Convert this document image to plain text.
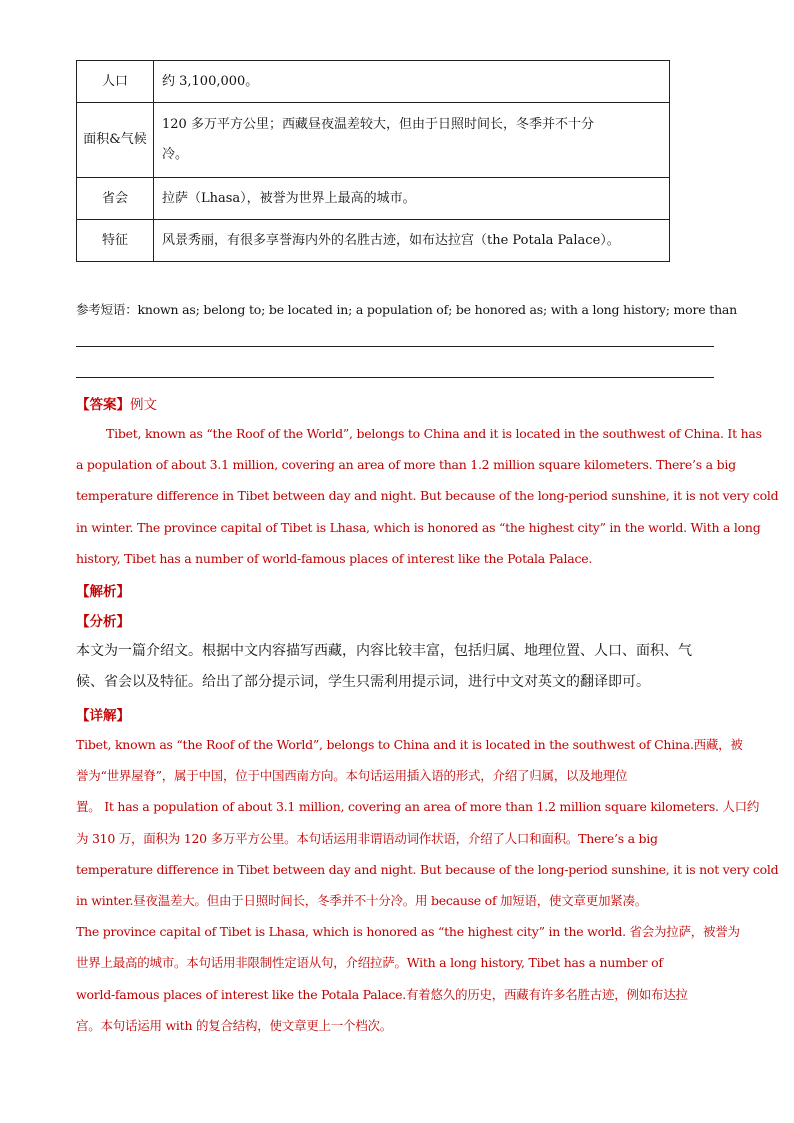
人口	约 3,100,000。
面积&气候	120 多万平方公里；西藏昼夜温差较大，但由于日照时间长，冬季并不十分
冷。
省会	拉萨（Lhasa），被誉为世界上最高的城市。
特征	风景秀丽，有很多享誉海内外的名胜古迹，如布达拉宫（the Potala Palace）。
参考短语：known as; belong to; be located in; a population of; be honored as; with a long history; more than
【答案】例文
Tibet, known as “the Roof of the World”, belongs to China and it is located in the southwest of China. It has
a population of about 3.1 million, covering an area of more than 1.2 million square kilometers. There’s a big
temperature difference in Tibet between day and night. But because of the long-period sunshine, it is not very cold
in winter. The province capital of Tibet is Lhasa, which is honored as “the highest city” in the world. With a long
history, Tibet has a number of world-famous places of interest like the Potala Palace.
【解析】
【分析】
本文为一篇介绍文。根据中文内容描写西藏，内容比较丰富，包括归属、地理位置、人口、面积、气
候、省会以及特征。给出了部分提示词，学生只需利用提示词，进行中文对英文的翻译即可。
【详解】
Tibet, known as “the Roof of the World”, belongs to China and it is located in the southwest of China.西藏，被
誉为“世界屋脊”，属于中国，位于中国西南方向。本句话运用插入语的形式，介绍了归属，以及地理位
置。 It has a population of about 3.1 million, covering an area of more than 1.2 million square kilometers. 人口约
为 310 万，面积为 120 多万平方公里。本句话运用非谓语动词作状语，介绍了人口和面积。There’s a big
temperature difference in Tibet between day and night. But because of the long-period sunshine, it is not very cold
in winter.昼夜温差大。但由于日照时间长，冬季并不十分冷。用 because of 加短语，使文章更加紧凑。
The province capital of Tibet is Lhasa, which is honored as “the highest city” in the world. 省会为拉萨，被誉为
世界上最高的城市。本句话用非限制性定语从句，介绍拉萨。With a long history, Tibet has a number of
world-famous places of interest like the Potala Palace.有着悠久的历史，西藏有许多名胜古迹，例如布达拉
宫。本句话运用 with 的复合结构，使文章更上一个档次。
